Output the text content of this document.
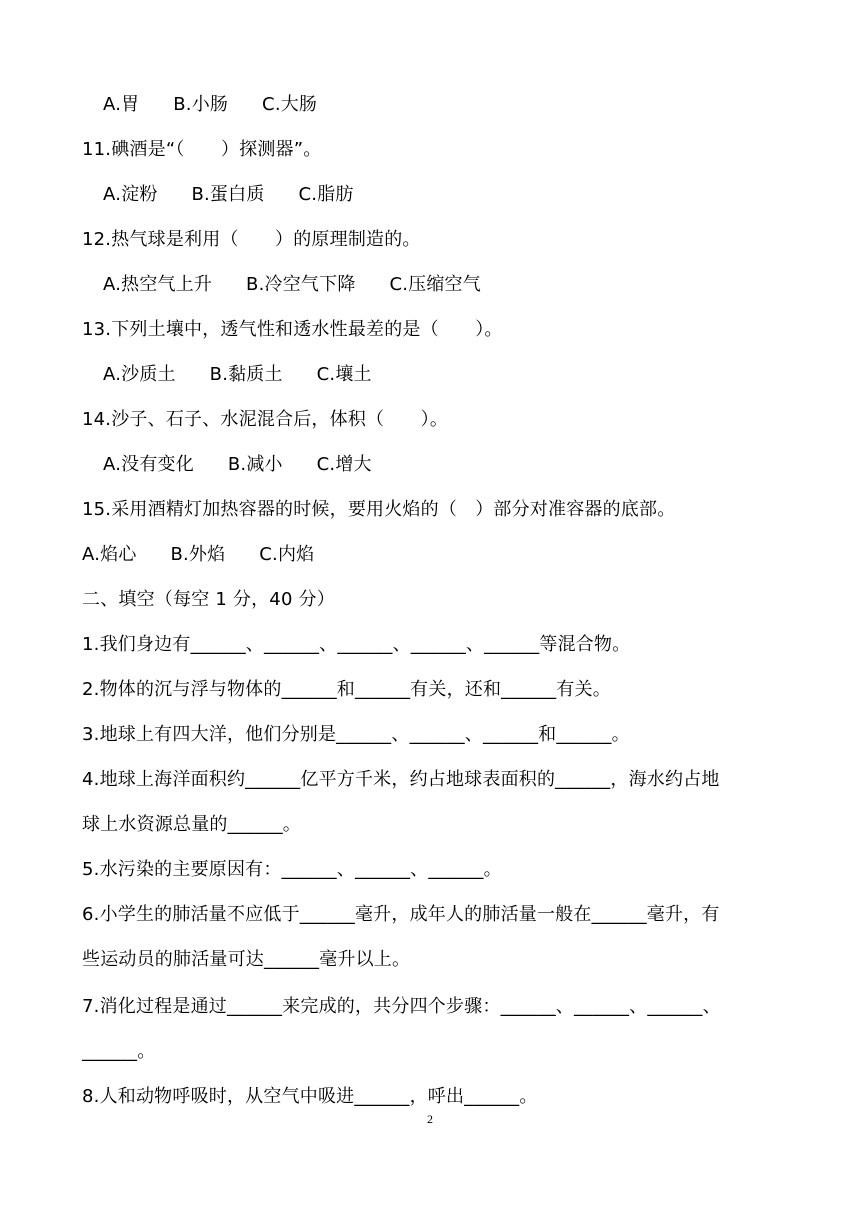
A.胃 B.小肠 C.大肠
11.碘酒是“（　　）探测器”。
A.淀粉 B.蛋白质 C.脂肪
12.热气球是利用（　　）的原理制造的。
A.热空气上升 B.冷空气下降 C.压缩空气
13.下列土壤中，透气性和透水性最差的是（　　）。
A.沙质土 B.黏质土 C.壤土
14.沙子、石子、水泥混合后，体积（　　）。
A.没有变化 B.减小 C.增大
15.采用酒精灯加热容器的时候，要用火焰的（　）部分对准容器的底部。
A.焰心 B.外焰 C.内焰
二、填空（每空 1 分，40 分）
1.我们身边有______、______、______、______、______等混合物。
2.物体的沉与浮与物体的______和______有关，还和______有关。
3.地球上有四大洋，他们分别是______、______、______和______。
4.地球上海洋面积约______亿平方千米，约占地球表面积的______，海水约占地
球上水资源总量的______。
5.水污染的主要原因有：______、______、______。
6.小学生的肺活量不应低于______毫升，成年人的肺活量一般在______毫升，有
些运动员的肺活量可达______毫升以上。
7.消化过程是通过______来完成的，共分四个步骤：______、______、______、
______。
8.人和动物呼吸时，从空气中吸进______，呼出______。
2
